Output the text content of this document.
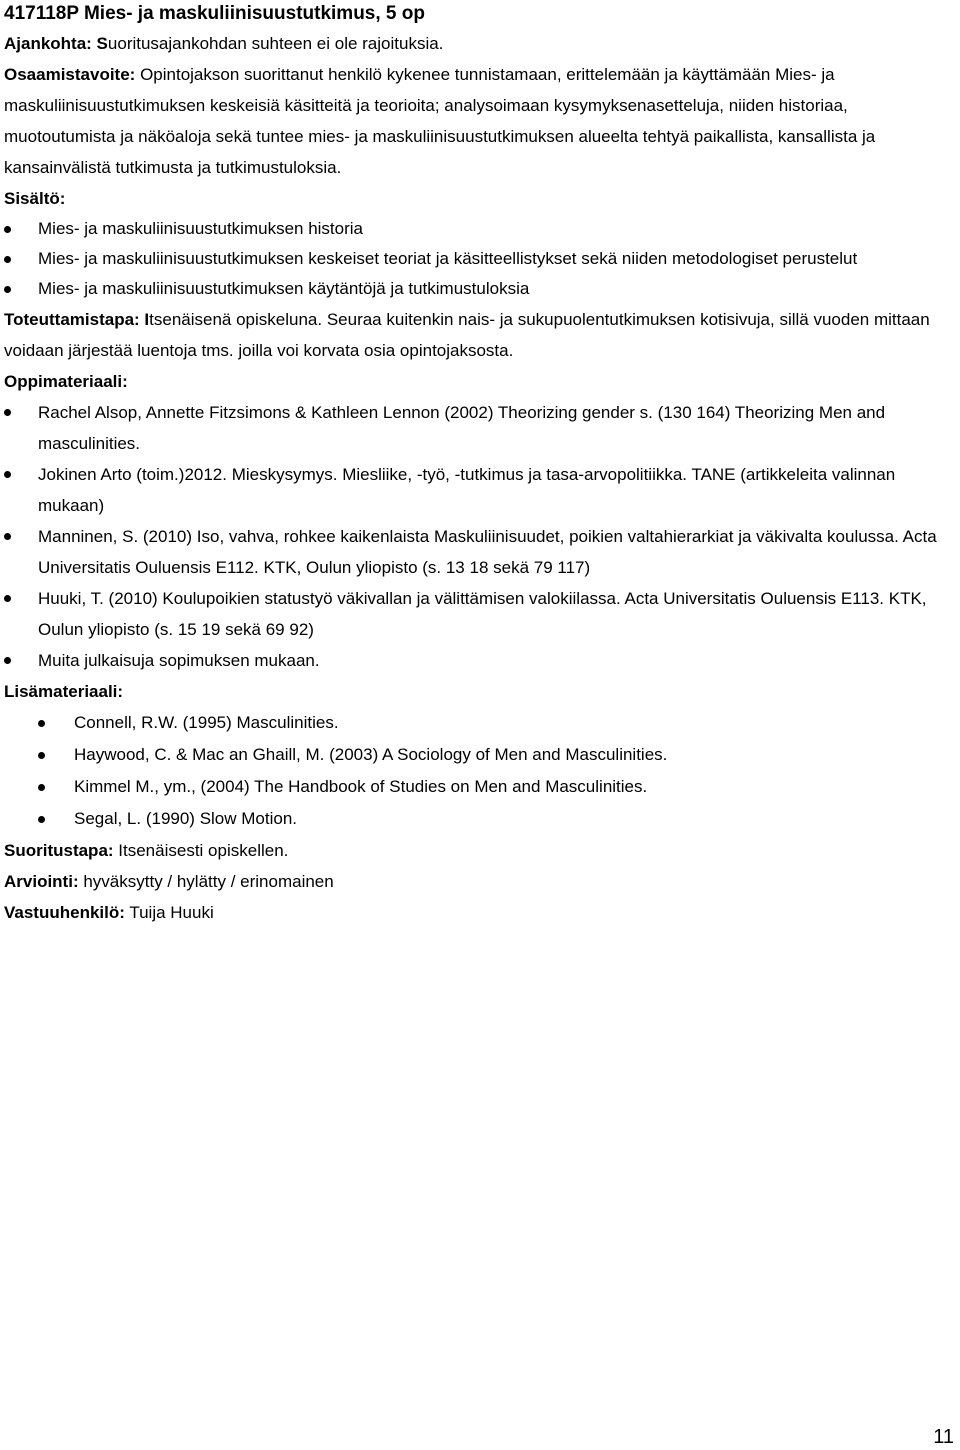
417118P Mies- ja maskuliinisuustutkimus, 5 op
Ajankohta: Suoritusajankohdan suhteen ei ole rajoituksia.
Osaamistavoite: Opintojakson suorittanut henkilö kykenee tunnistamaan, erittelemään ja käyttämään Mies- ja maskuliinisuustutkimuksen keskeisiä käsitteitä ja teorioita; analysoimaan kysymyksenasetteluja, niiden historiaa, muotoutumista ja näköaloja sekä tuntee mies- ja maskuliinisuustutkimuksen alueelta tehtyä paikallista, kansallista ja kansainvälistä tutkimusta ja tutkimustuloksia.
Sisältö:
Mies- ja maskuliinisuustutkimuksen historia
Mies- ja maskuliinisuustutkimuksen keskeiset teoriat ja käsitteellistykset sekä niiden metodologiset perustelut
Mies- ja maskuliinisuustutkimuksen käytäntöjä ja tutkimustuloksia
Toteuttamistapa: Itsenäisenä opiskeluna. Seuraa kuitenkin nais- ja sukupuolentutkimuksen kotisivuja, sillä vuoden mittaan voidaan järjestää luentoja tms. joilla voi korvata osia opintojaksosta.
Oppimateriaali:
Rachel Alsop, Annette Fitzsimons & Kathleen Lennon (2002) Theorizing gender s. (130 164) Theorizing Men and masculinities.
Jokinen Arto (toim.)2012. Mieskysymys. Miesliike, -työ, -tutkimus ja tasa-arvopolitiikka. TANE (artikkeleita valinnan mukaan)
Manninen, S. (2010) Iso, vahva, rohkee kaikenlaista Maskuliinisuudet, poikien valtahierarkiat ja väkivalta koulussa. Acta Universitatis Ouluensis E112. KTK, Oulun yliopisto (s. 13 18 sekä 79 117)
Huuki, T. (2010) Koulupoikien statustyö väkivallan ja välittämisen valokiilassa. Acta Universitatis Ouluensis E113. KTK, Oulun yliopisto (s. 15 19 sekä 69 92)
Muita julkaisuja sopimuksen mukaan.
Lisämateriaali:
Connell, R.W. (1995) Masculinities.
Haywood, C. & Mac an Ghaill, M. (2003) A Sociology of Men and Masculinities.
Kimmel M., ym., (2004) The Handbook of Studies on Men and Masculinities.
Segal, L. (1990) Slow Motion.
Suoritustapa: Itsenäisesti opiskellen.
Arviointi: hyväksytty / hylätty / erinomainen
Vastuuhenkilö: Tuija Huuki
11
